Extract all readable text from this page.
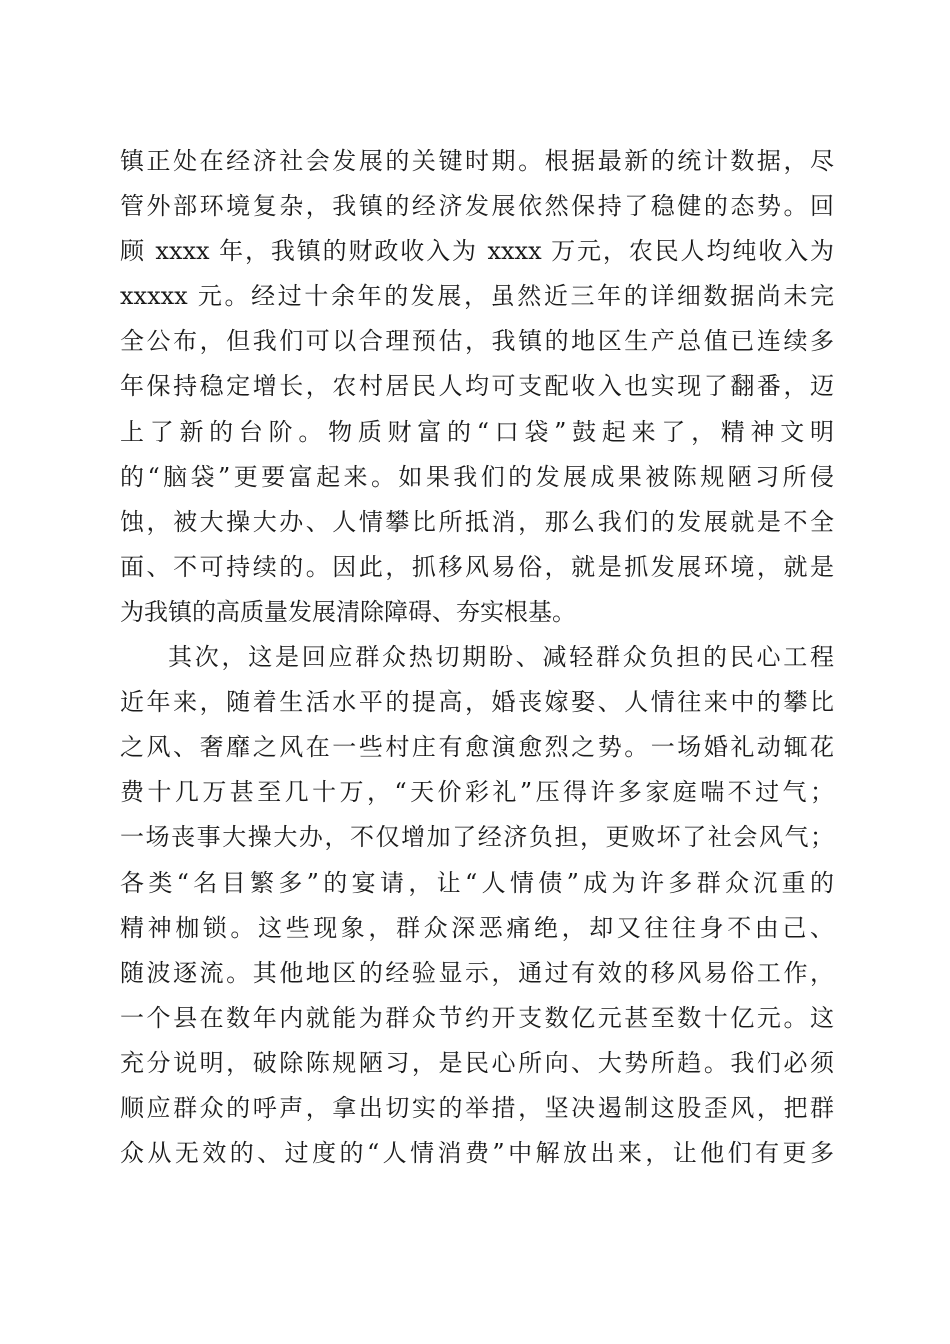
镇正处在经济社会发展的关键时期。根据最新的统计数据，尽
管外部环境复杂，我镇的经济发展依然保持了稳健的态势。回
顾 xxxx 年，我镇的财政收入为 xxxx 万元，农民人均纯收入为
xxxxx 元。经过十余年的发展，虽然近三年的详细数据尚未完
全公布，但我们可以合理预估，我镇的地区生产总值已连续多
年保持稳定增长，农村居民人均可支配收入也实现了翻番，迈
上了新的台阶。物质财富的“口袋”鼓起来了，精神文明
的“脑袋”更要富起来。如果我们的发展成果被陈规陋习所侵
蚀，被大操大办、人情攀比所抵消，那么我们的发展就是不全
面、不可持续的。因此，抓移风易俗，就是抓发展环境，就是
为我镇的高质量发展清除障碍、夯实根基。
其次，这是回应群众热切期盼、减轻群众负担的民心工程
近年来，随着生活水平的提高，婚丧嫁娶、人情往来中的攀比
之风、奢靡之风在一些村庄有愈演愈烈之势。一场婚礼动辄花
费十几万甚至几十万，“天价彩礼”压得许多家庭喘不过气；
一场丧事大操大办，不仅增加了经济负担，更败坏了社会风气；
各类“名目繁多”的宴请，让“人情债”成为许多群众沉重的
精神枷锁。这些现象，群众深恶痛绝，却又往往身不由己、
随波逐流。其他地区的经验显示，通过有效的移风易俗工作，
一个县在数年内就能为群众节约开支数亿元甚至数十亿元。这
充分说明，破除陈规陋习，是民心所向、大势所趋。我们必须
顺应群众的呼声，拿出切实的举措，坚决遏制这股歪风，把群
众从无效的、过度的“人情消费”中解放出来，让他们有更多
